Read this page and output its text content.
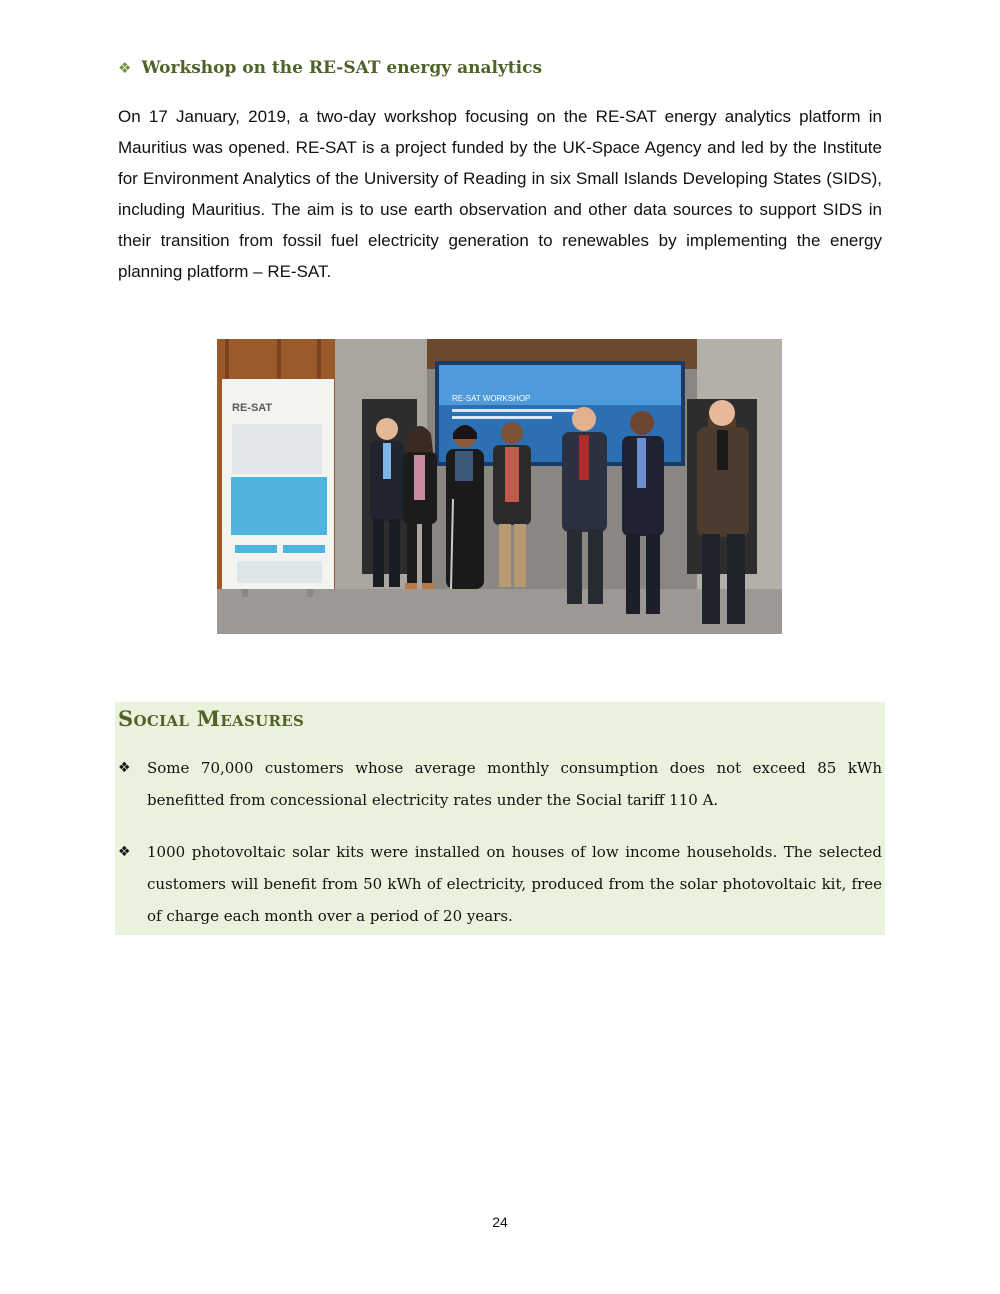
❖ Workshop on the RE-SAT energy analytics

On 17 January, 2019, a two-day workshop focusing on the RE-SAT energy analytics platform in Mauritius was opened. RE-SAT is a project funded by the UK-Space Agency and led by the Institute for Environment Analytics of the University of Reading in six Small Islands Developing States (SIDS), including Mauritius. The aim is to use earth observation and other data sources to support SIDS in their transition from fossil fuel electricity generation to renewables by implementing the energy planning platform – RE-SAT.

RE-SAT WORKSHOP
RE-SAT
Social Measures
❖	Some 70,000 customers whose average monthly consumption does not exceed 85 kWh benefitted from concessional electricity rates under the Social tariff 110 A.

❖	1000 photovoltaic solar kits were installed on houses of low income households. The selected customers will benefit from 50 kWh of electricity, produced from the solar photovoltaic kit, free of charge each month over a period of 20 years.

24
